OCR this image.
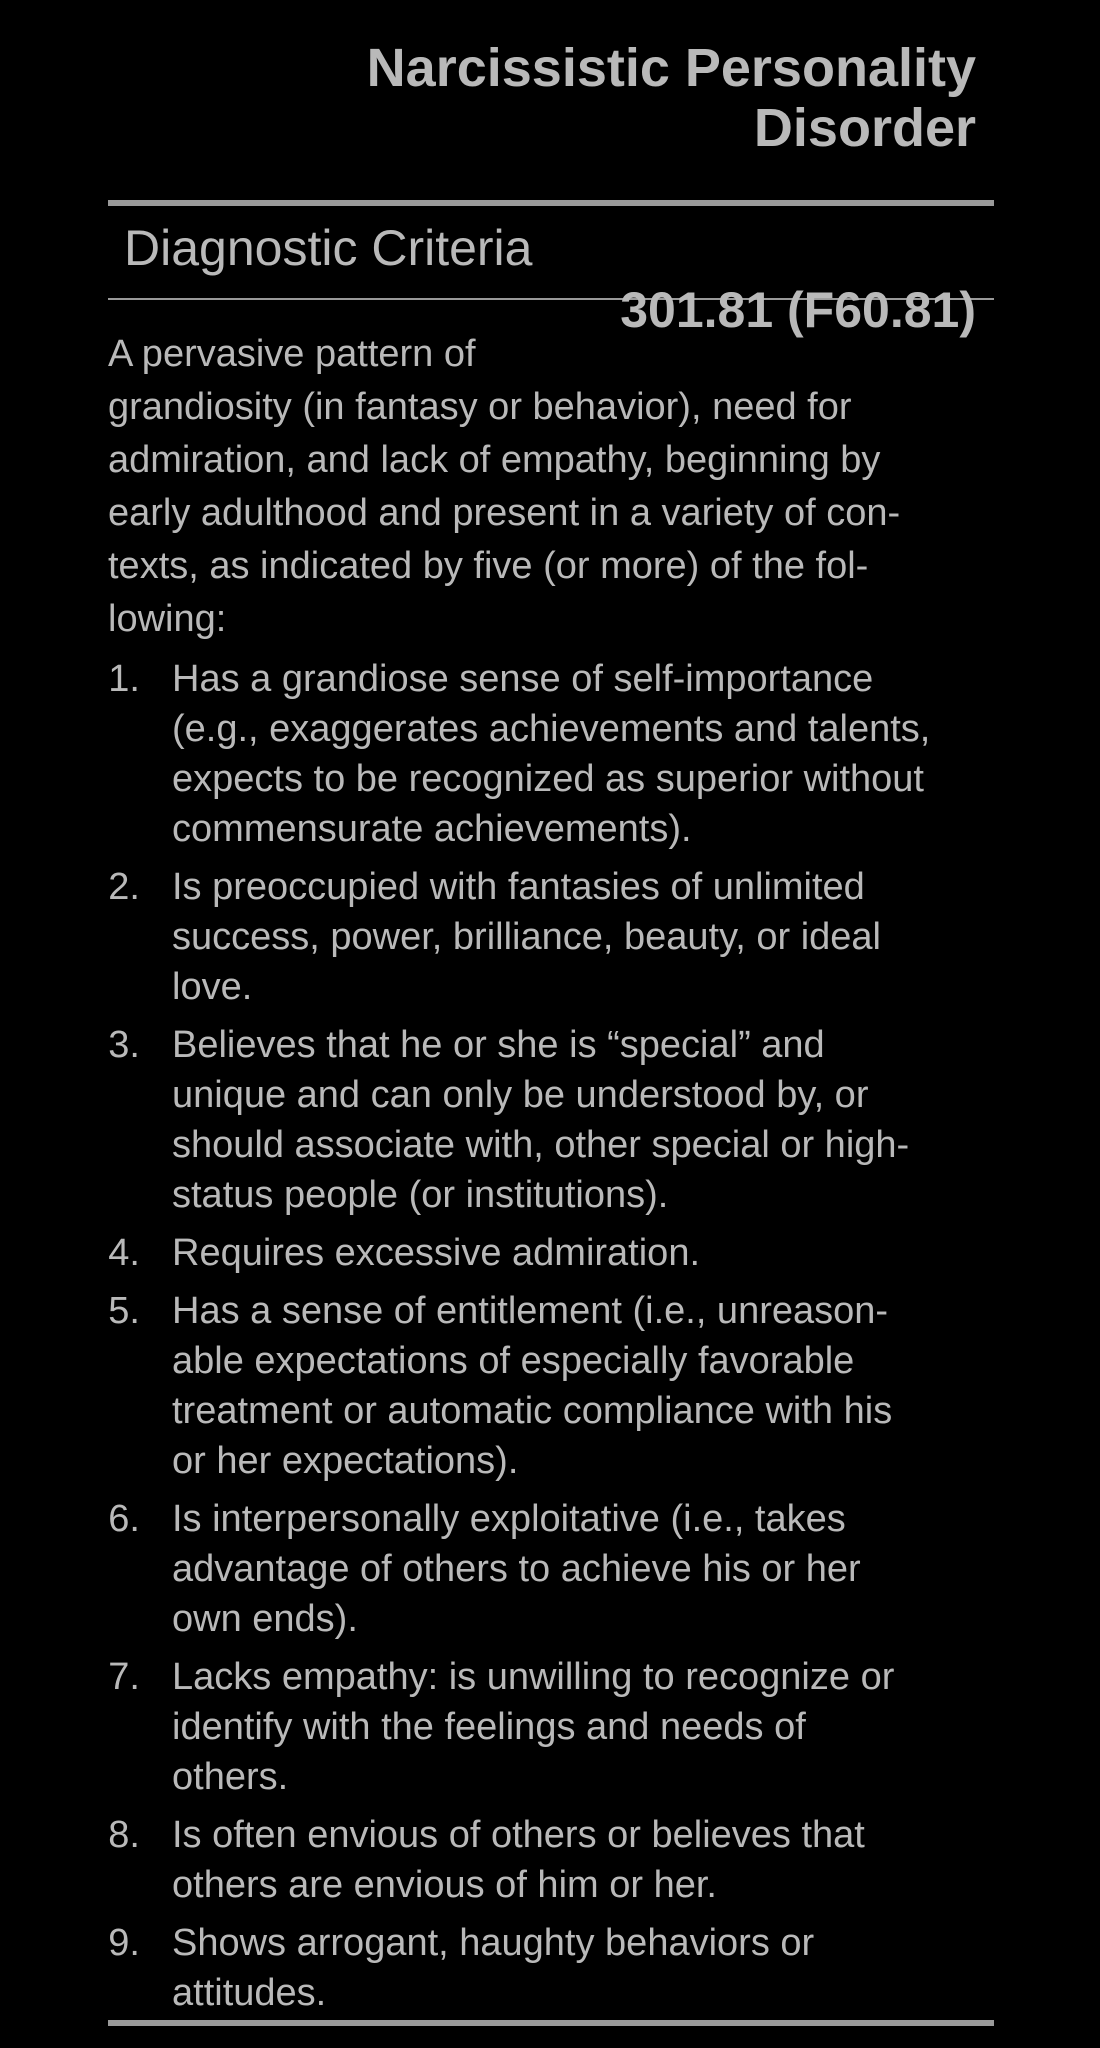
Narcissistic Personality
Disorder
Diagnostic Criteria
301.81 (F60.81)

A pervasive pattern of

grandiosity (in fantasy or behavior), need for

admiration, and lack of empathy, beginning by

early adulthood and present in a variety of con-

texts, as indicated by five (or more) of the fol-

lowing:

1. Has a grandiose sense of self-importance
(e.g., exaggerates achievements and talents,
expects to be recognized as superior without
commensurate achievements).
2. Is preoccupied with fantasies of unlimited
success, power, brilliance, beauty, or ideal
love.
3. Believes that he or she is “special” and
unique and can only be understood by, or
should associate with, other special or high-
status people (or institutions).
4. Requires excessive admiration.
5. Has a sense of entitlement (i.e., unreason-
able expectations of especially favorable
treatment or automatic compliance with his
or her expectations).
6. Is interpersonally exploitative (i.e., takes
advantage of others to achieve his or her
own ends).
7. Lacks empathy: is unwilling to recognize or
identify with the feelings and needs of
others.
8. Is often envious of others or believes that
others are envious of him or her.
9. Shows arrogant, haughty behaviors or
attitudes.
